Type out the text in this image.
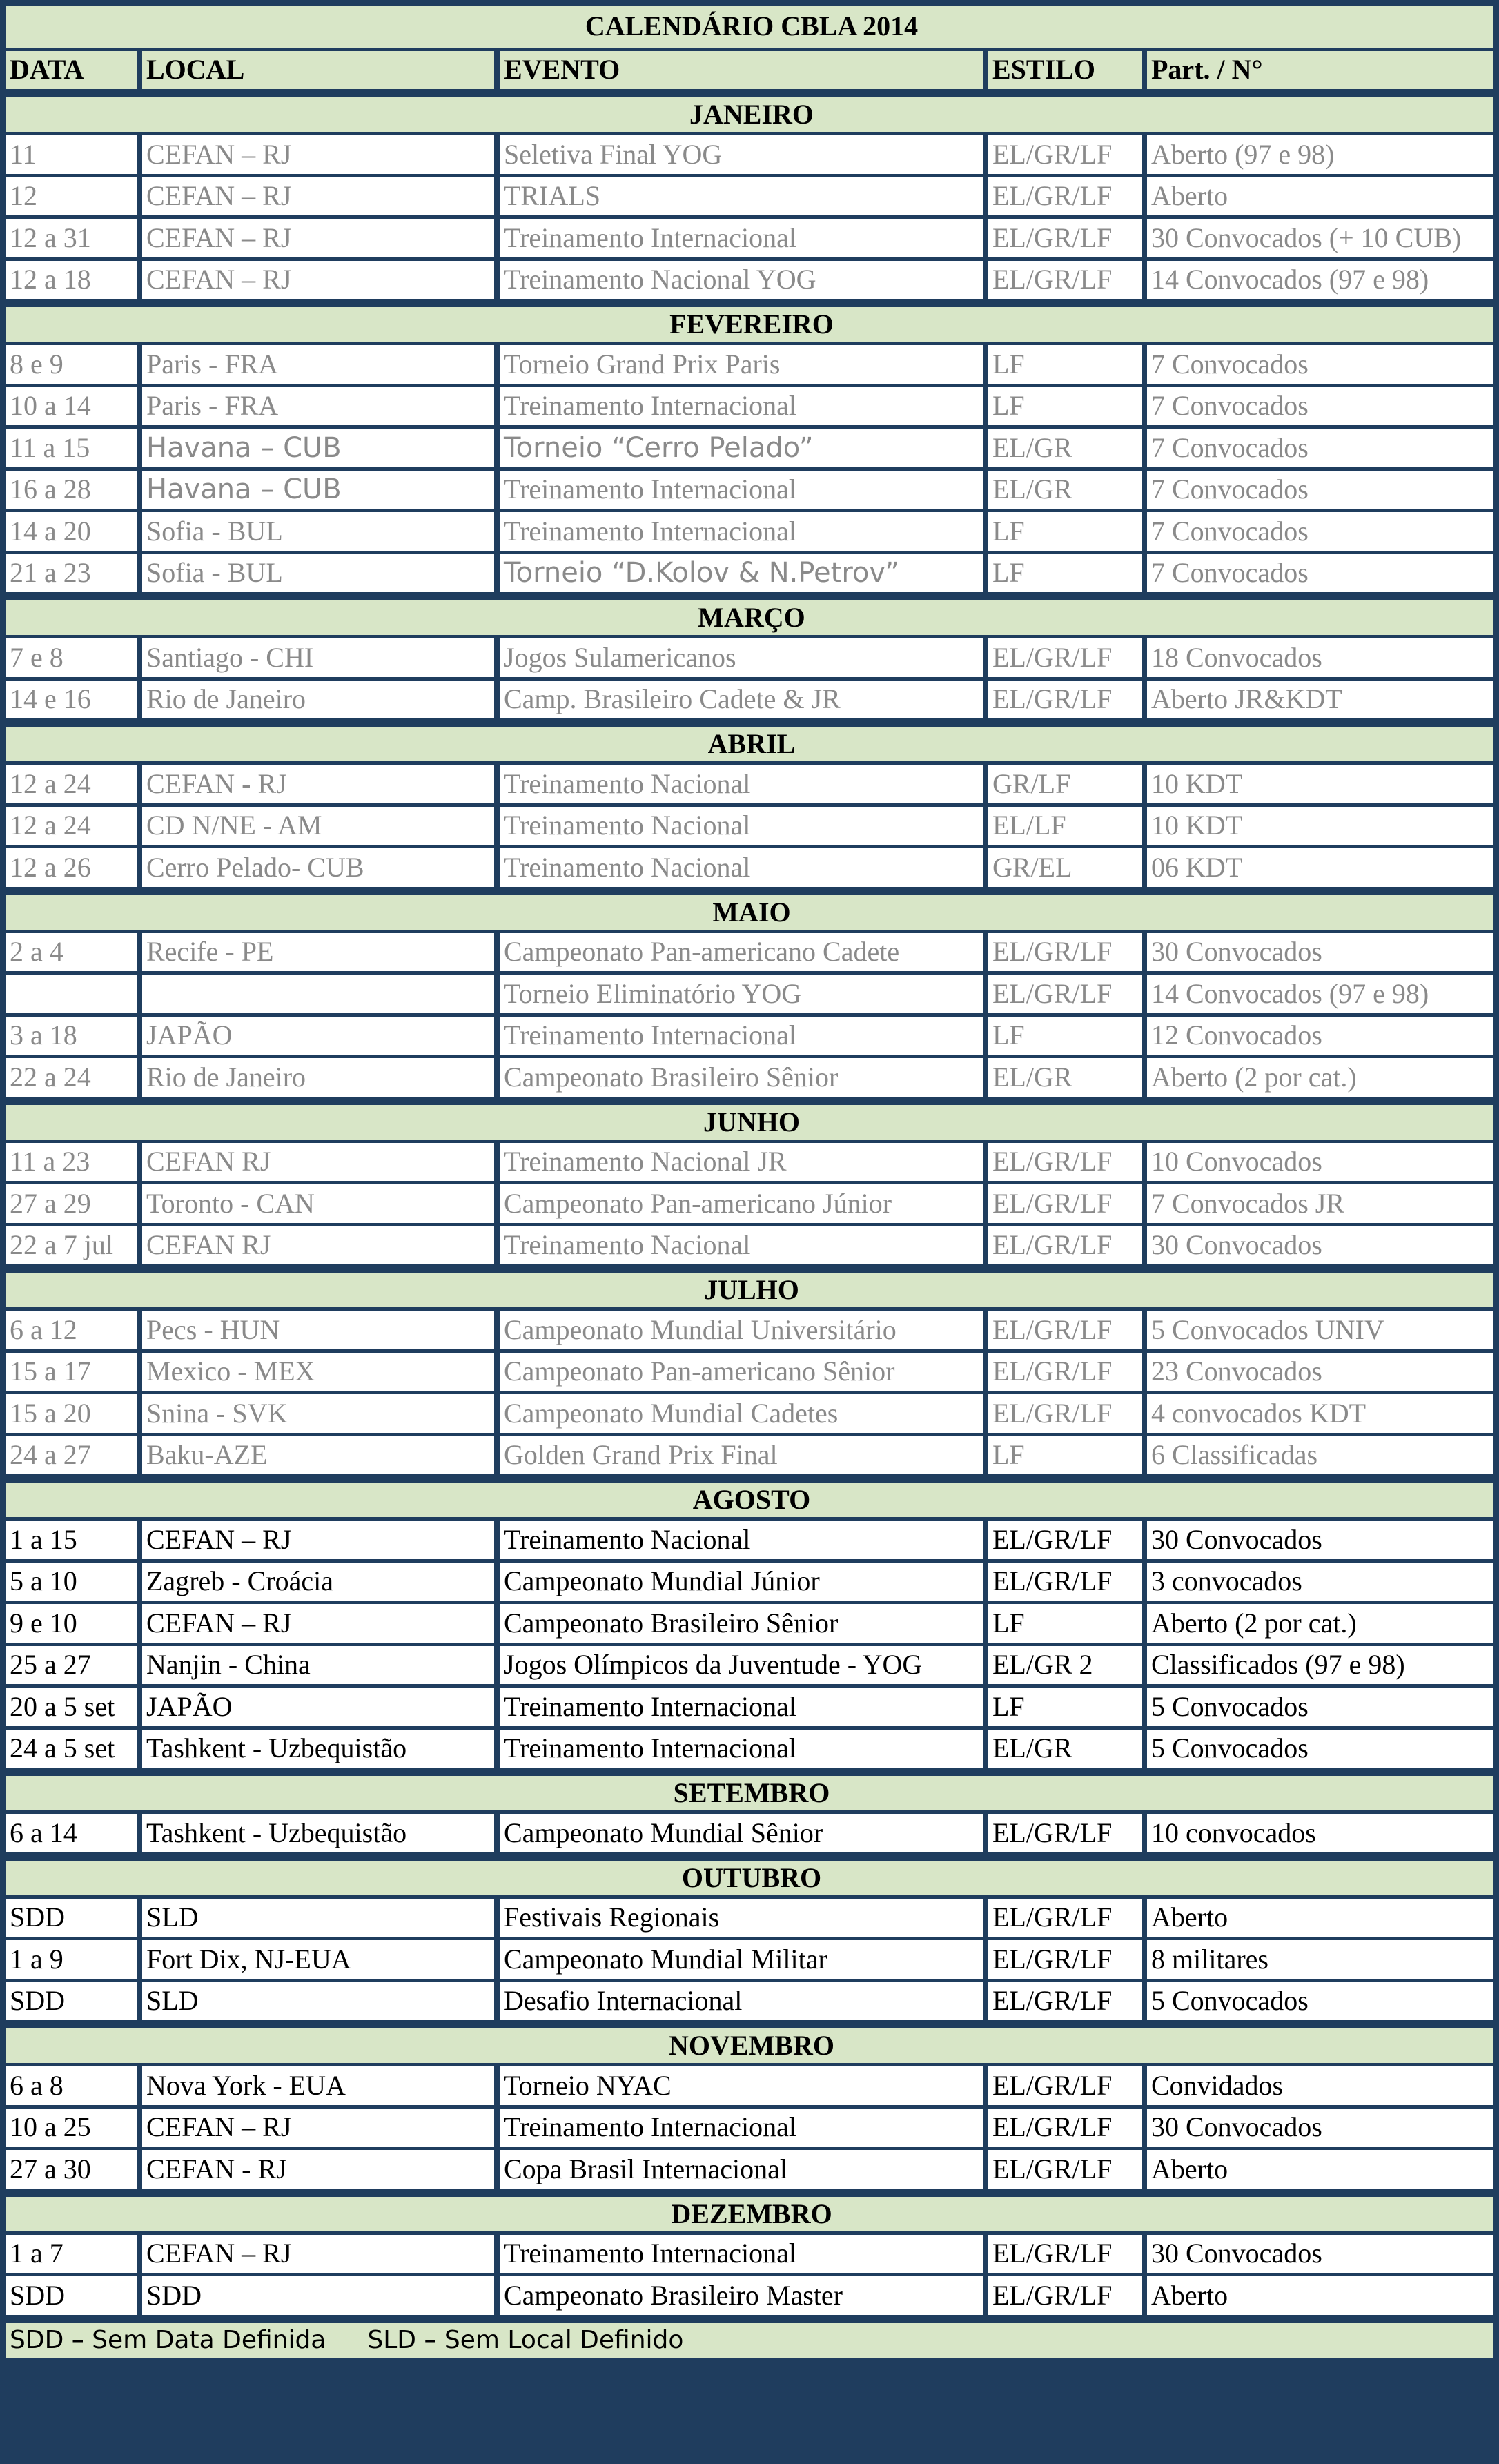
CALENDÁRIO CBLA 2014				
DATA	LOCAL	EVENTO	ESTILO	Part. / N°
JANEIRO				
11	CEFAN – RJ	Seletiva Final YOG	EL/GR/LF	Aberto (97 e 98)
12	CEFAN – RJ	TRIALS	EL/GR/LF	Aberto
12 a 31	CEFAN – RJ	Treinamento Internacional	EL/GR/LF	30 Convocados (+ 10 CUB)
12 a 18	CEFAN – RJ	Treinamento Nacional YOG	EL/GR/LF	14 Convocados (97 e 98)
FEVEREIRO				
8 e 9	Paris - FRA	Torneio Grand Prix Paris	LF	7 Convocados
10 a 14	Paris - FRA	Treinamento Internacional	LF	7 Convocados
11 a 15	Havana – CUB	Torneio “Cerro Pelado”	EL/GR	7 Convocados
16 a 28	Havana – CUB	Treinamento Internacional	EL/GR	7 Convocados
14 a 20	Sofia - BUL	Treinamento Internacional	LF	7 Convocados
21 a 23	Sofia - BUL	Torneio “D.Kolov & N.Petrov”	LF	7 Convocados
MARÇO				
7 e 8	Santiago - CHI	Jogos Sulamericanos	EL/GR/LF	18 Convocados
14 e 16	Rio de Janeiro	Camp. Brasileiro Cadete & JR	EL/GR/LF	Aberto JR&KDT
ABRIL				
12 a 24	CEFAN - RJ	Treinamento Nacional	GR/LF	10 KDT
12 a 24	CD N/NE - AM	Treinamento Nacional	EL/LF	10 KDT
12 a 26	Cerro Pelado- CUB	Treinamento Nacional	GR/EL	06 KDT
MAIO				
2 a 4	Recife - PE	Campeonato Pan-americano Cadete	EL/GR/LF	30 Convocados
		Torneio Eliminatório YOG	EL/GR/LF	14 Convocados (97 e 98)
3 a 18	JAPÃO	Treinamento Internacional	LF	12 Convocados
22 a 24	Rio de Janeiro	Campeonato Brasileiro Sênior	EL/GR	Aberto (2 por cat.)
JUNHO				
11 a 23	CEFAN RJ	Treinamento Nacional JR	EL/GR/LF	10 Convocados
27 a 29	Toronto - CAN	Campeonato Pan-americano Júnior	EL/GR/LF	7 Convocados JR
22 a 7 jul	CEFAN RJ	Treinamento Nacional	EL/GR/LF	30 Convocados
JULHO				
6 a 12	Pecs - HUN	Campeonato Mundial Universitário	EL/GR/LF	5 Convocados UNIV
15 a 17	Mexico - MEX	Campeonato Pan-americano Sênior	EL/GR/LF	23 Convocados
15 a 20	Snina - SVK	Campeonato Mundial Cadetes	EL/GR/LF	4 convocados KDT
24 a 27	Baku-AZE	Golden Grand Prix Final	LF	6 Classificadas
AGOSTO				
1 a 15	CEFAN – RJ	Treinamento Nacional	EL/GR/LF	30 Convocados
5 a 10	Zagreb - Croácia	Campeonato Mundial Júnior	EL/GR/LF	3 convocados
9 e 10	CEFAN – RJ	Campeonato Brasileiro Sênior	LF	Aberto (2 por cat.)
25 a 27	Nanjin - China	Jogos Olímpicos da Juventude - YOG	EL/GR 2	Classificados (97 e 98)
20 a 5 set	JAPÃO	Treinamento Internacional	LF	5 Convocados
24 a 5 set	Tashkent - Uzbequistão	Treinamento Internacional	EL/GR	5 Convocados
SETEMBRO				
6 a 14	Tashkent - Uzbequistão	Campeonato Mundial Sênior	EL/GR/LF	10 convocados
OUTUBRO				
SDD	SLD	Festivais Regionais	EL/GR/LF	Aberto
1 a 9	Fort Dix, NJ-EUA	Campeonato Mundial Militar	EL/GR/LF	8 militares
SDD	SLD	Desafio Internacional	EL/GR/LF	5 Convocados
NOVEMBRO				
6 a 8	Nova York - EUA	Torneio NYAC	EL/GR/LF	Convidados
10 a 25	CEFAN – RJ	Treinamento Internacional	EL/GR/LF	30 Convocados
27 a 30	CEFAN - RJ	Copa Brasil Internacional	EL/GR/LF	Aberto
DEZEMBRO				
1 a 7	CEFAN – RJ	Treinamento Internacional	EL/GR/LF	30 Convocados
SDD	SDD	Campeonato Brasileiro Master	EL/GR/LF	Aberto
SDD – Sem Data Definida SLD – Sem Local Definido				
